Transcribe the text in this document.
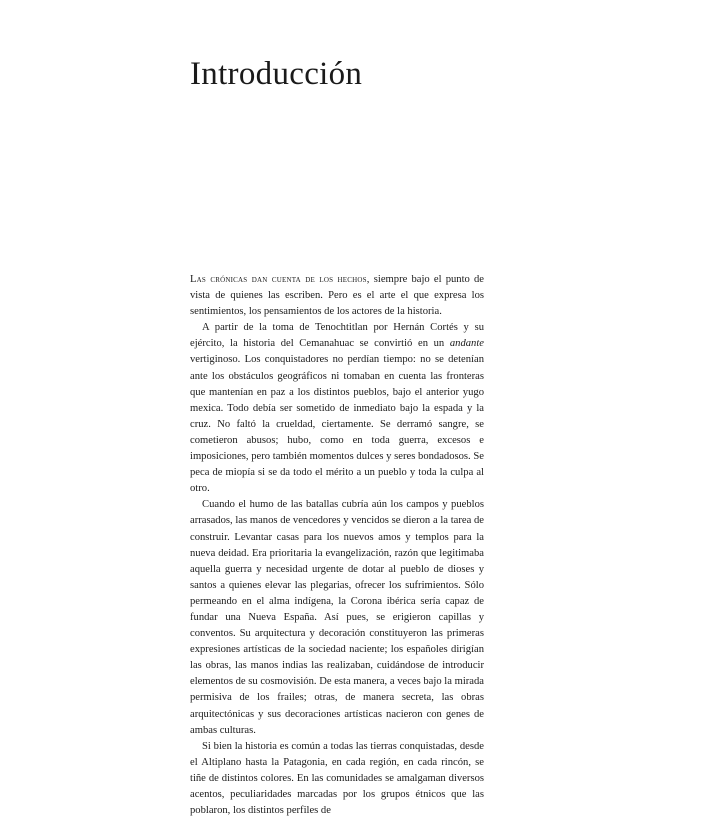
Introducción

Las crónicas dan cuenta de los hechos, siempre bajo el punto de vista de quienes las escriben. Pero es el arte el que expresa los sentimientos, los pensamientos de los actores de la historia.

A partir de la toma de Tenochtitlan por Hernán Cortés y su ejército, la historia del Cemanahuac se convirtió en un andante vertiginoso. Los conquistadores no perdían tiempo: no se detenían ante los obstáculos geográficos ni tomaban en cuenta las fronteras que mantenían en paz a los distintos pueblos, bajo el anterior yugo mexica. Todo debía ser sometido de inmediato bajo la espada y la cruz. No faltó la crueldad, ciertamente. Se derramó sangre, se cometieron abusos; hubo, como en toda guerra, excesos e imposiciones, pero también momentos dulces y seres bondadosos. Se peca de miopía si se da todo el mérito a un pueblo y toda la culpa al otro.

Cuando el humo de las batallas cubría aún los campos y pueblos arrasados, las manos de vencedores y vencidos se dieron a la tarea de construir. Levantar casas para los nuevos amos y templos para la nueva deidad. Era prioritaria la evangelización, razón que legitimaba aquella guerra y necesidad urgente de dotar al pueblo de dioses y santos a quienes elevar las plegarias, ofrecer los sufrimientos. Sólo permeando en el alma indígena, la Corona ibérica sería capaz de fundar una Nueva España. Así pues, se erigieron capillas y conventos. Su arquitectura y decoración constituyeron las primeras expresiones artísticas de la sociedad naciente; los españoles dirigían las obras, las manos indias las realizaban, cuidándose de introducir elementos de su cosmovisión. De esta manera, a veces bajo la mirada permisiva de los frailes; otras, de manera secreta, las obras arquitectónicas y sus decoraciones artísticas nacieron con genes de ambas culturas.

Si bien la historia es común a todas las tierras conquistadas, desde el Altiplano hasta la Patagonia, en cada región, en cada rincón, se tiñe de distintos colores. En las comunidades se amalgaman diversos acentos, peculiaridades marcadas por los grupos étnicos que las poblaron, los distintos perfiles de
